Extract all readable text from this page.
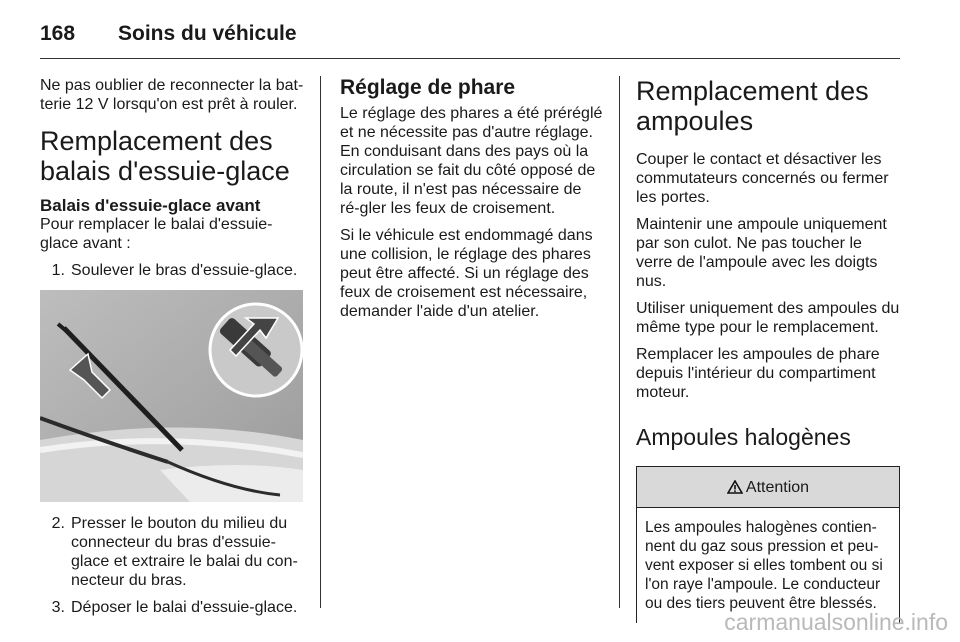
168 Soins du véhicule

Ne pas oublier de reconnecter la bat-terie 12 V lorsqu'on est prêt à rouler.

Remplacement des balais d'essuie-glace
Balais d'essuie-glace avant

Pour remplacer le balai d'essuie-glace avant :

1. Soulever le bras d'essuie-glace.
2. Presser le bouton du milieu du connecteur du bras d'essuie-glace et extraire le balai du con-necteur du bras.
3. Déposer le balai d'essuie-glace.
Réglage de phare

Le réglage des phares a été préréglé et ne nécessite pas d'autre réglage. En conduisant dans des pays où la circulation se fait du côté opposé de la route, il n'est pas nécessaire de ré-gler les feux de croisement.

Si le véhicule est endommagé dans une collision, le réglage des phares peut être affecté. Si un réglage des feux de croisement est nécessaire, demander l'aide d'un atelier.

Remplacement des ampoules

Couper le contact et désactiver les commutateurs concernés ou fermer les portes.

Maintenir une ampoule uniquement par son culot. Ne pas toucher le verre de l'ampoule avec les doigts nus.

Utiliser uniquement des ampoules du même type pour le remplacement.

Remplacer les ampoules de phare depuis l'intérieur du compartiment moteur.

Ampoules halogènes
Attention
Les ampoules halogènes contien-nent du gaz sous pression et peu-vent exposer si elles tombent ou si l'on raye l'ampoule. Le conducteur ou des tiers peuvent être blessés.
carmanualsonline.info
